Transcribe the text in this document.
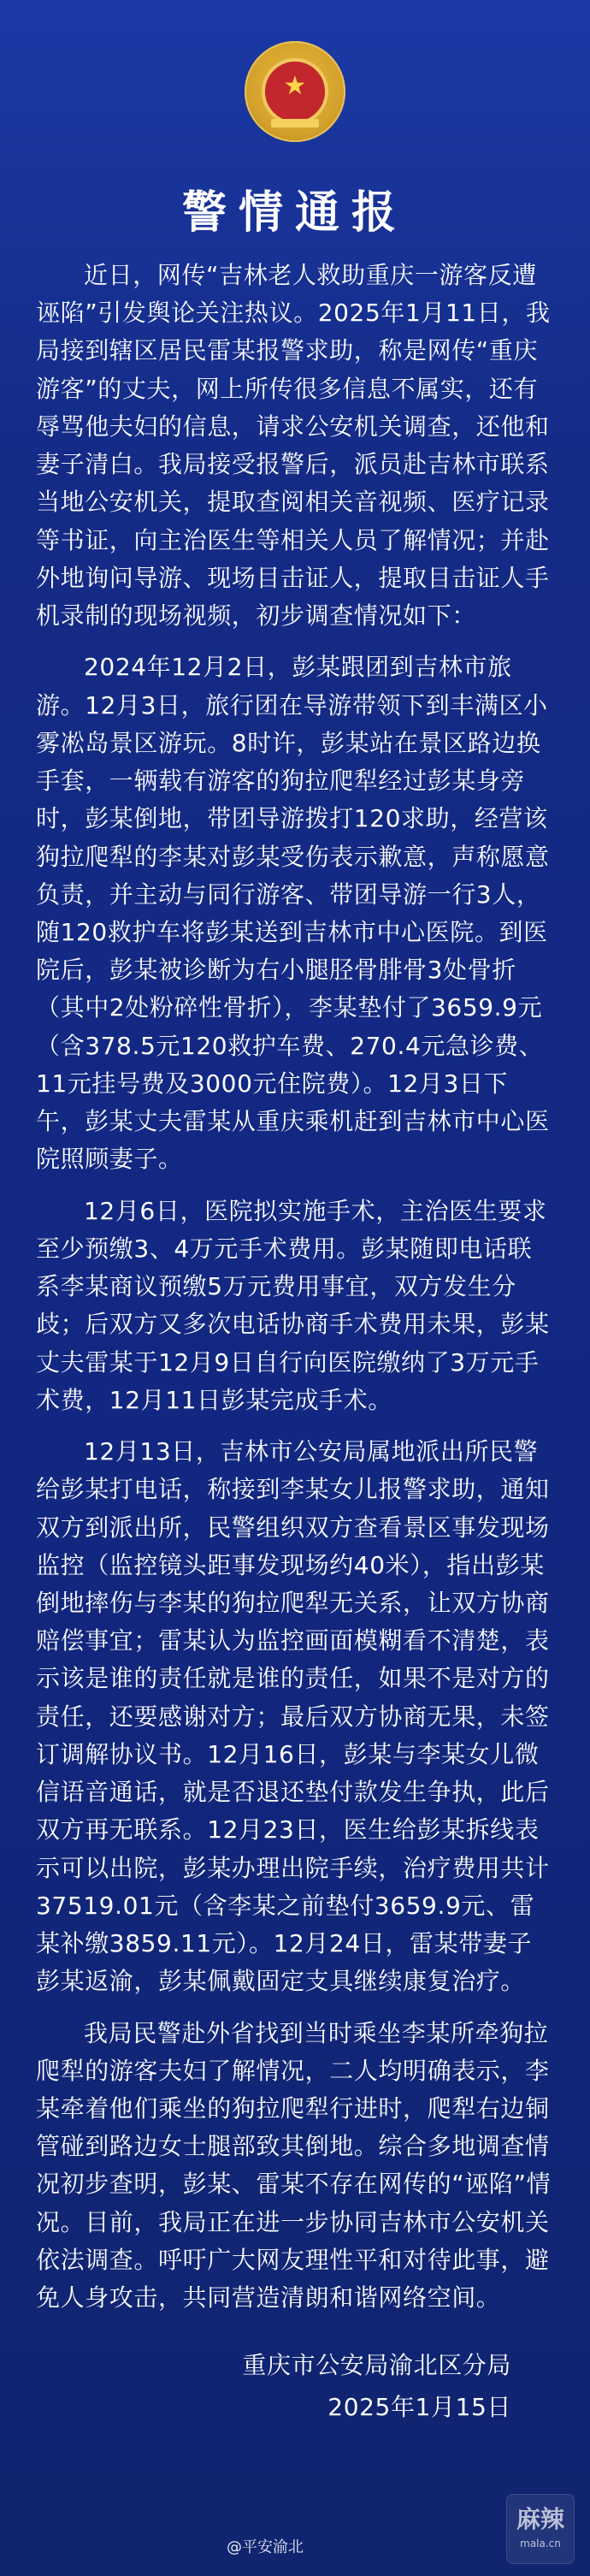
★
警情通报

近日，网传“吉林老人救助重庆一游客反遭诬陷”引发舆论关注热议。2025年1月11日，我局接到辖区居民雷某报警求助，称是网传“重庆游客”的丈夫，网上所传很多信息不属实，还有辱骂他夫妇的信息，请求公安机关调查，还他和妻子清白。我局接受报警后，派员赴吉林市联系当地公安机关，提取查阅相关音视频、医疗记录等书证，向主治医生等相关人员了解情况；并赴外地询问导游、现场目击证人，提取目击证人手机录制的现场视频，初步调查情况如下：

2024年12月2日，彭某跟团到吉林市旅游。12月3日，旅行团在导游带领下到丰满区小雾凇岛景区游玩。8时许，彭某站在景区路边换手套，一辆载有游客的狗拉爬犁经过彭某身旁时，彭某倒地，带团导游拨打120求助，经营该狗拉爬犁的李某对彭某受伤表示歉意，声称愿意负责，并主动与同行游客、带团导游一行3人，随120救护车将彭某送到吉林市中心医院。到医院后，彭某被诊断为右小腿胫骨腓骨3处骨折（其中2处粉碎性骨折），李某垫付了3659.9元（含378.5元120救护车费、270.4元急诊费、11元挂号费及3000元住院费）。12月3日下午，彭某丈夫雷某从重庆乘机赶到吉林市中心医院照顾妻子。

12月6日，医院拟实施手术，主治医生要求至少预缴3、4万元手术费用。彭某随即电话联系李某商议预缴5万元费用事宜，双方发生分歧；后双方又多次电话协商手术费用未果，彭某丈夫雷某于12月9日自行向医院缴纳了3万元手术费，12月11日彭某完成手术。

12月13日，吉林市公安局属地派出所民警给彭某打电话，称接到李某女儿报警求助，通知双方到派出所，民警组织双方查看景区事发现场监控（监控镜头距事发现场约40米），指出彭某倒地摔伤与李某的狗拉爬犁无关系，让双方协商赔偿事宜；雷某认为监控画面模糊看不清楚，表示该是谁的责任就是谁的责任，如果不是对方的责任，还要感谢对方；最后双方协商无果，未签订调解协议书。12月16日，彭某与李某女儿微信语音通话，就是否退还垫付款发生争执，此后双方再无联系。12月23日，医生给彭某拆线表示可以出院，彭某办理出院手续，治疗费用共计37519.01元（含李某之前垫付3659.9元、雷某补缴3859.11元）。12月24日，雷某带妻子彭某返渝，彭某佩戴固定支具继续康复治疗。

我局民警赴外省找到当时乘坐李某所牵狗拉爬犁的游客夫妇了解情况，二人均明确表示，李某牵着他们乘坐的狗拉爬犁行进时，爬犁右边铜管碰到路边女士腿部致其倒地。综合多地调查情况初步查明，彭某、雷某不存在网传的“诬陷”情况。目前，我局正在进一步协同吉林市公安机关依法调查。呼吁广大网友理性平和对待此事，避免人身攻击，共同营造清朗和谐网络空间。

重庆市公安局渝北区分局
2025年1月15日
@平安渝北
麻辣
mala.cn
